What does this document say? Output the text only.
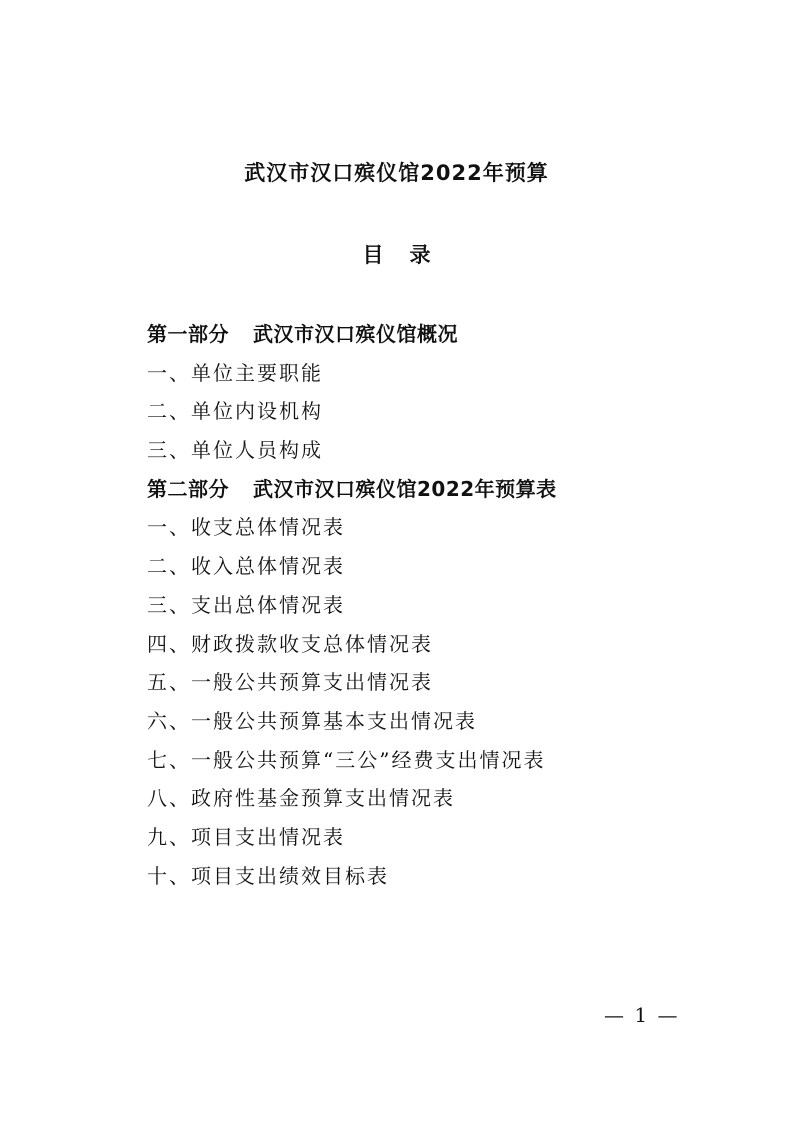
武汉市汉口殡仪馆2022年预算
目录
第一部分 武汉市汉口殡仪馆概况
一、单位主要职能
二、单位内设机构
三、单位人员构成
第二部分 武汉市汉口殡仪馆2022年预算表
一、收支总体情况表
二、收入总体情况表
三、支出总体情况表
四、财政拨款收支总体情况表
五、一般公共预算支出情况表
六、一般公共预算基本支出情况表
七、一般公共预算“三公”经费支出情况表
八、政府性基金预算支出情况表
九、项目支出情况表
十、项目支出绩效目标表
— 1 —
